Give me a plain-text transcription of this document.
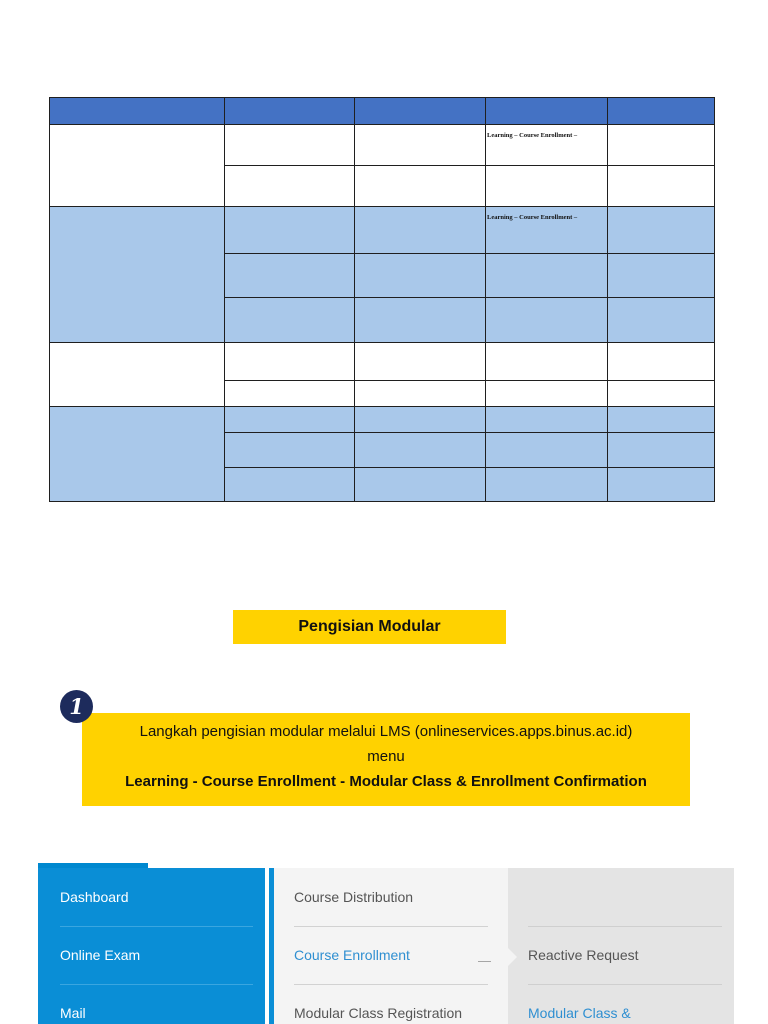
			Learning – Course Enrollment –	

			Learning – Course Enrollment –	

Pengisian Modular
1
Langkah pengisian modular melalui LMS (onlineservices.apps.binus.ac.id)
menu
Learning - Course Enrollment - Modular Class & Enrollment Confirmation
Dashboard
Online Exam
Mail
Course Distribution
Course Enrollment	—
Modular Class Registration
Reactive Request
Modular Class &
